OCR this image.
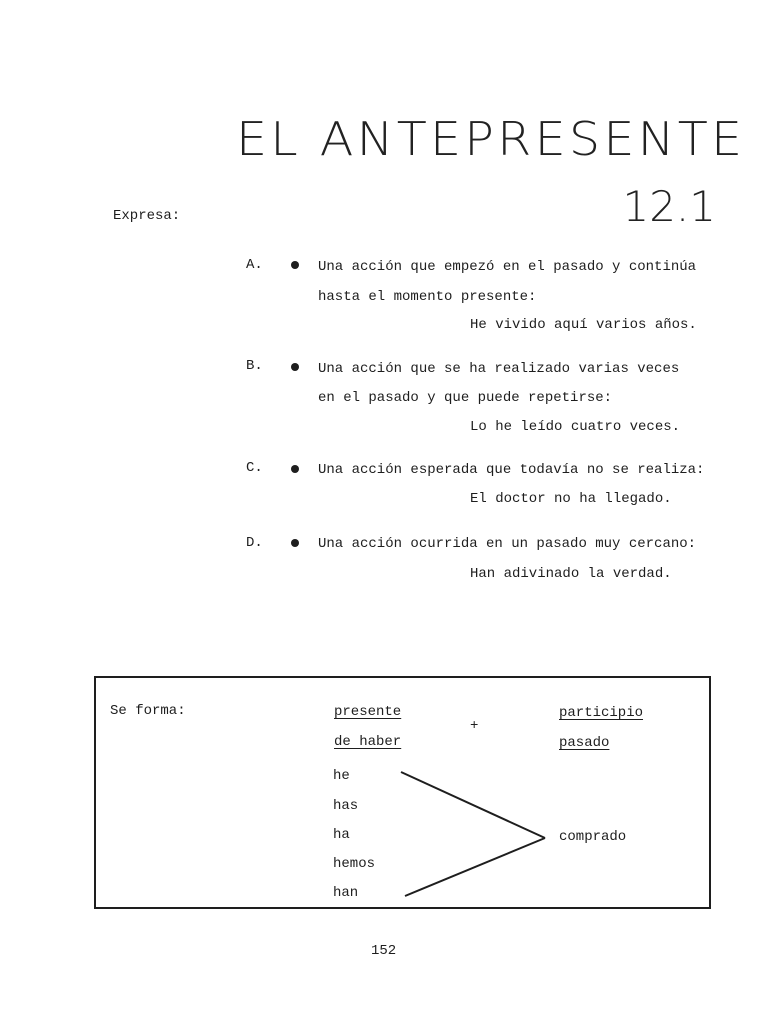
EL ANTEPRESENTE
12.1
Expresa:
A.	Una acción que empezó en el pasado y continúa
hasta el momento presente:
He vivido aquí varios años.
B.	Una acción que se ha realizado varias veces
en el pasado y que puede repetirse:
Lo he leído cuatro veces.
C.	Una acción esperada que todavía no se realiza:
El doctor no ha llegado.
D.	Una acción ocurrida en un pasado muy cercano:
Han adivinado la verdad.
Se forma:	presente
de haber
+
participio
pasado
he
has
ha
hemos
han
comprado
152
